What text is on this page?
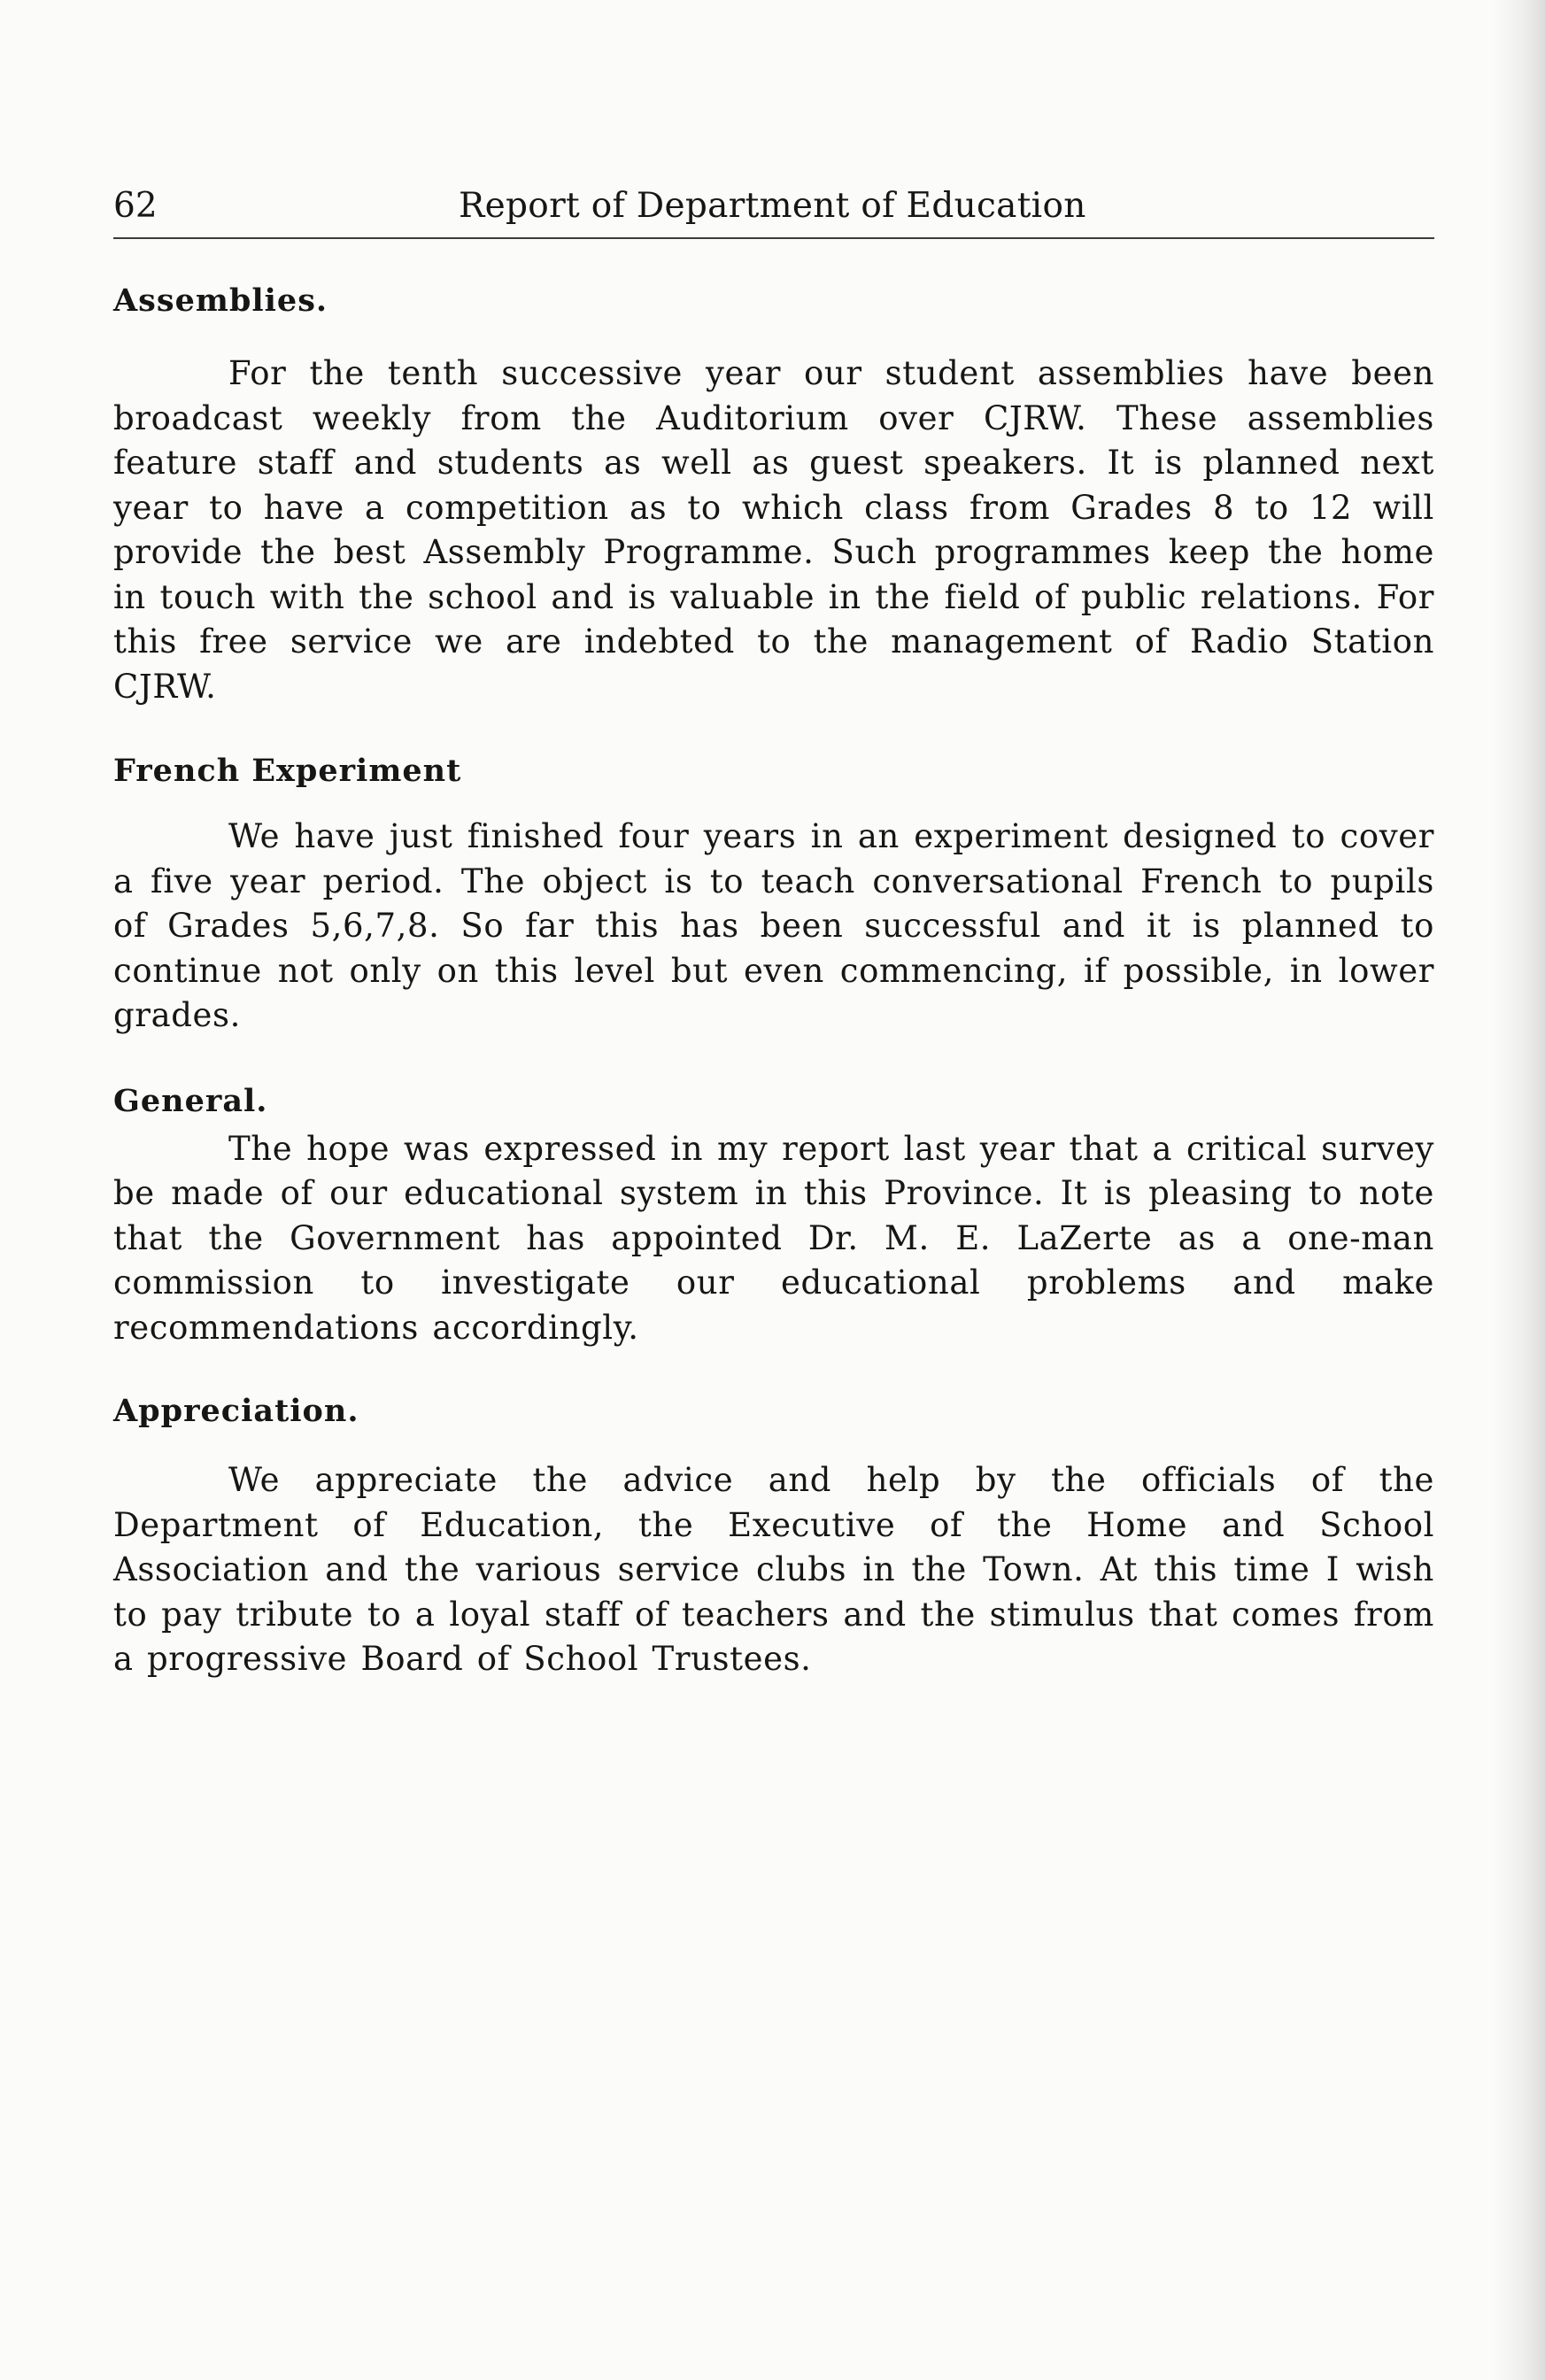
62	Report of Department of Education
Assemblies.

For the tenth successive year our student assemblies have been broadcast weekly from the Auditorium over CJRW. These assemblies feature staff and students as well as guest speakers. It is planned next year to have a competition as to which class from Grades 8 to 12 will provide the best Assembly Programme. Such programmes keep the home in touch with the school and is valuable in the field of public relations. For this free service we are indebted to the management of Radio Station CJRW.

French Experiment

We have just finished four years in an experiment designed to cover a five year period. The object is to teach conversational French to pupils of Grades 5,6,7,8. So far this has been successful and it is planned to continue not only on this level but even commencing, if possible, in lower grades.

General.

The hope was expressed in my report last year that a critical survey be made of our educational system in this Province. It is pleasing to note that the Government has appointed Dr. M. E. LaZerte as a one-man commission to investigate our educational problems and make recommendations accordingly.

Appreciation.

We appreciate the advice and help by the officials of the Department of Education, the Executive of the Home and School Association and the various service clubs in the Town. At this time I wish to pay tribute to a loyal staff of teachers and the stimulus that comes from a progressive Board of School Trustees.
